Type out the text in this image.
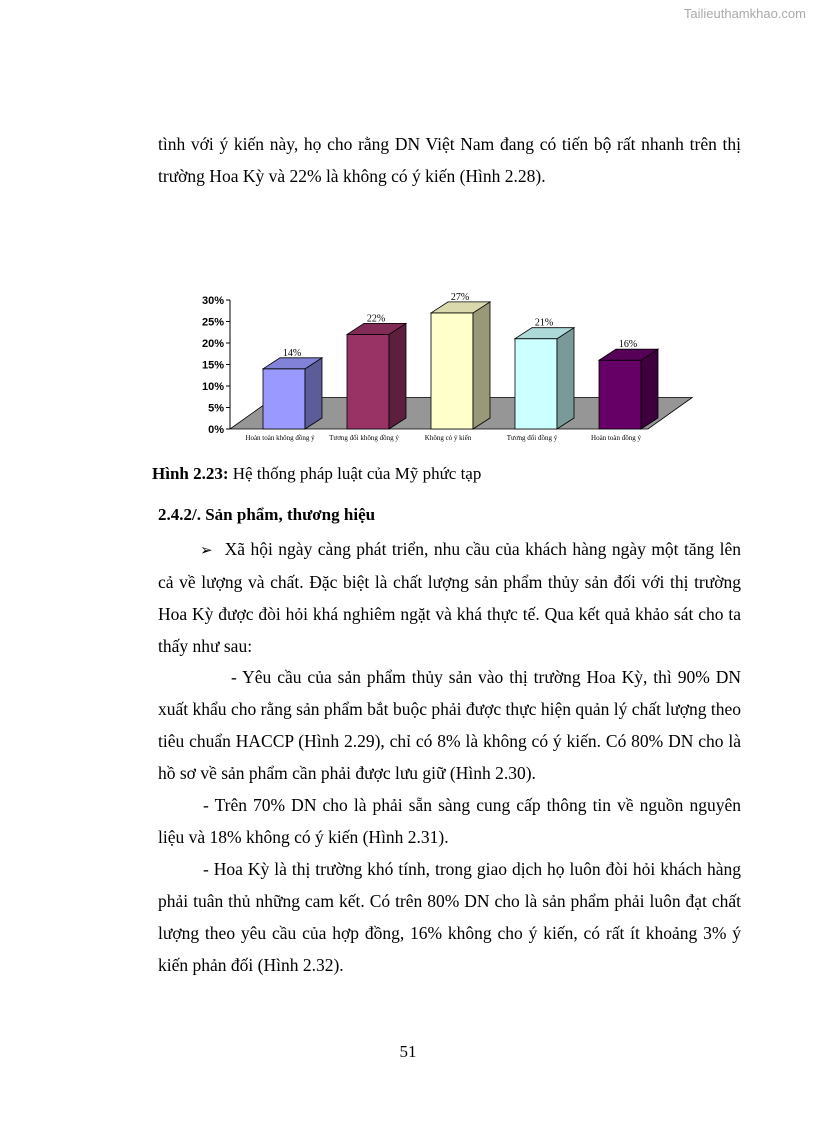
Tailieuthamkhao.com
tình với ý kiến này, họ cho rằng DN Việt Nam đang có tiến bộ rất nhanh trên thị trường Hoa Kỳ và 22% là không có ý kiến (Hình 2.28).
0%
5%
10%
15%
20%
25%
30%
14%
Hoàn toàn không đồng ý
22%
Tương đối không đồng ý
27%
Không có ý kiến
21%
Tương đối đồng ý
16%
Hoàn toàn đồng ý
Hình 2.23: Hệ thống pháp luật của Mỹ phức tạp
2.4.2/. Sản phẩm, thương hiệu
➢ Xã hội ngày càng phát triển, nhu cầu của khách hàng ngày một tăng lên cả về lượng và chất. Đặc biệt là chất lượng sản phẩm thủy sản đối với thị trường Hoa Kỳ được đòi hỏi khá nghiêm ngặt và khá thực tế. Qua kết quả khảo sát cho ta thấy như sau:
- Yêu cầu của sản phẩm thủy sản vào thị trường Hoa Kỳ, thì 90% DN xuất khẩu cho rằng sản phẩm bắt buộc phải được thực hiện quản lý chất lượng theo tiêu chuẩn HACCP (Hình 2.29), chỉ có 8% là không có ý kiến. Có 80% DN cho là hồ sơ về sản phẩm cần phải được lưu giữ (Hình 2.30).
- Trên 70% DN cho là phải sẵn sàng cung cấp thông tin về nguồn nguyên liệu và 18% không có ý kiến (Hình 2.31).
- Hoa Kỳ là thị trường khó tính, trong giao dịch họ luôn đòi hỏi khách hàng phải tuân thủ những cam kết. Có trên 80% DN cho là sản phẩm phải luôn đạt chất lượng theo yêu cầu của hợp đồng, 16% không cho ý kiến, có rất ít khoảng 3% ý kiến phản đối (Hình 2.32).
51
